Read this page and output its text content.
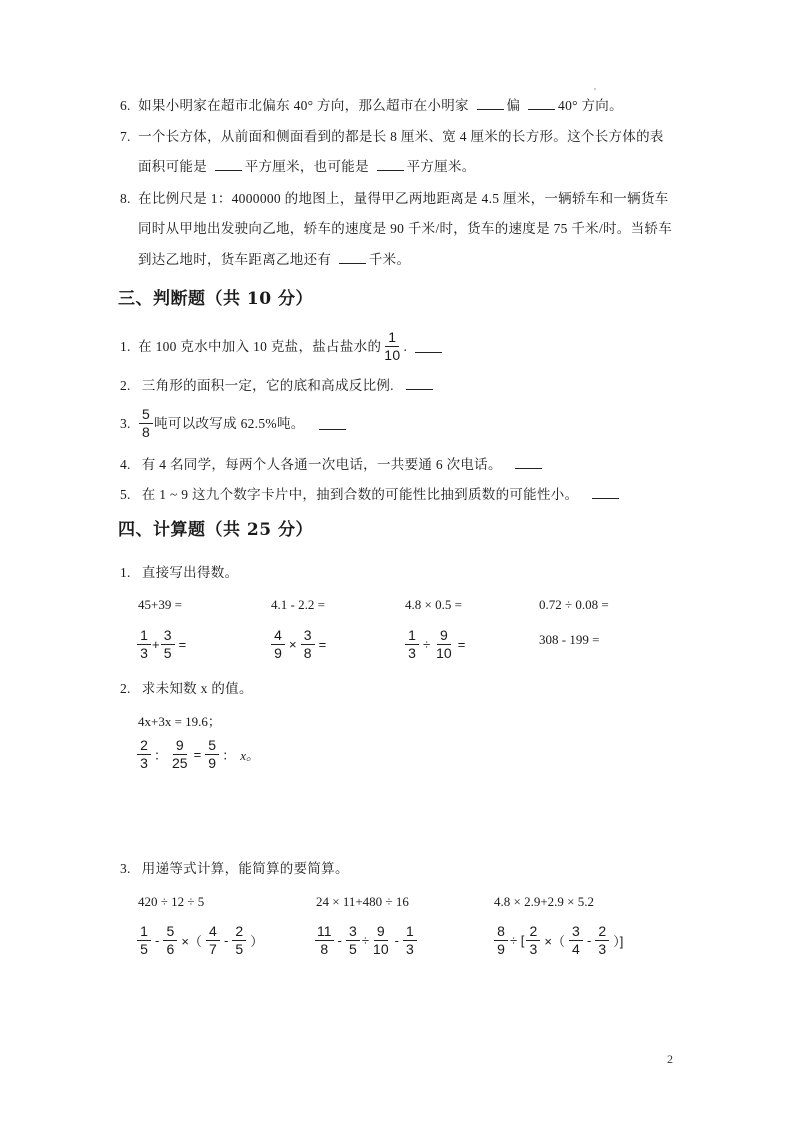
6. 如果小明家在超市北偏东 40° 方向，那么超市在小明家	偏	40° 方向。
7. 一个长方体，从前面和侧面看到的都是长 8 厘米、宽 4 厘米的长方形。这个长方体的表
面积可能是	平方厘米，也可能是	平方厘米。
8. 在比例尺是 1：4000000 的地图上，量得甲乙两地距离是 4.5 厘米，一辆轿车和一辆货车
同时从甲地出发驶向乙地，轿车的速度是 90 千米/时，货车的速度是 75 千米/时。当轿车
到达乙地时，货车距离乙地还有	千米。
三、判断题（共 10 分）
1.
在 100 克水中加入 10 克盐，盐占盐水的 $\frac{1}{10}$ .
2. 三角形的面积一定，它的底和高成反比例.
3.
$\frac{5}{8}$ 吨可以改写成 62.5%吨。
4. 有 4 名同学，每两个人各通一次电话，一共要通 6 次电话。
5. 在 1 ~ 9 这九个数字卡片中，抽到合数的可能性比抽到质数的可能性小。
四、计算题（共 25 分）
1. 直接写出得数。
45+39 =	4.1 - 2.2 =	4.8 × 0.5 =	0.72 ÷ 0.08 =
$\frac{1}{3} + \frac{3}{5}$ =	$\frac{4}{9} \times \frac{3}{8}$ =	$\frac{1}{3} \div \frac{9}{10}$ =	308 - 199 =
2. 求未知数 x 的值。
4x+3x = 19.6；
$\frac{2}{3}$ ： $\frac{9}{25} = \frac{5}{9}$ ： x。
3. 用递等式计算，能简算的要简算。
420 ÷ 12 ÷ 5	24 × 11+480 ÷ 16	4.8 × 2.9+2.9 × 5.2
$\frac{1}{5} - \frac{5}{6}$ ×（ $\frac{4}{7} - \frac{2}{5}$ ）	$\frac{11}{8} - \frac{3}{5} \div \frac{9}{10} - \frac{1}{3}$	$\frac{8}{9}$ ÷ [ $\frac{2}{3}$ ×（ $\frac{3}{4} - \frac{2}{3}$ ）]
2
